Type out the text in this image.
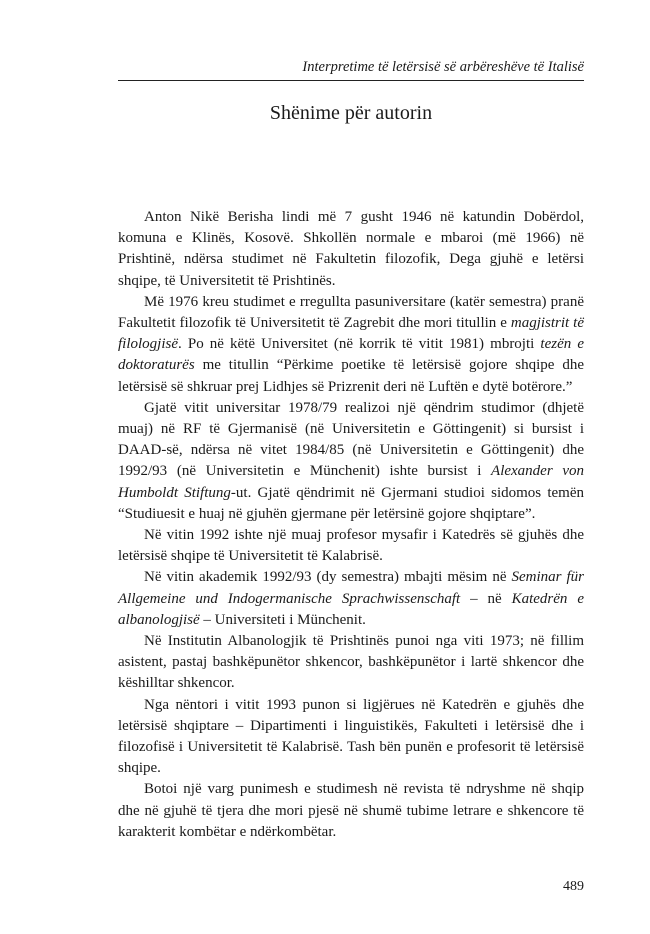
Interpretime të letërsisë së arbëreshëve të Italisë
Shënime për autorin

Anton Nikë Berisha lindi më 7 gusht 1946 në katundin Dobërdol, komuna e Klinës, Kosovë. Shkollën normale e mbaroi (më 1966) në Prishtinë, ndërsa studimet në Fakultetin filozofik, Dega gjuhë e letërsi shqipe, të Universitetit të Prishtinës.

Më 1976 kreu studimet e rregullta pasuniversitare (katër semestra) pranë Fakultetit filozofik të Universitetit të Zagrebit dhe mori titullin e magjistrit të filologjisë. Po në këtë Universitet (në korrik të vitit 1981) mbrojti tezën e doktoraturës me titullin “Përkime poetike të letërsisë gojore shqipe dhe letërsisë së shkruar prej Lidhjes së Prizrenit deri në Luftën e dytë botërore.”

Gjatë vitit universitar 1978/79 realizoi një qëndrim studimor (dhjetë muaj) në RF të Gjermanisë (në Universitetin e Göttingenit) si bursist i DAAD-së, ndërsa në vitet 1984/85 (në Universitetin e Göttingenit) dhe 1992/93 (në Universitetin e Münchenit) ishte bursist i Alexander von Humboldt Stiftung-ut. Gjatë qëndrimit në Gjermani studioi sidomos temën “Studiuesit e huaj në gjuhën gjermane për letërsinë gojore shqiptare”.

Në vitin 1992 ishte një muaj profesor mysafir i Katedrës së gjuhës dhe letërsisë shqipe të Universitetit të Kalabrisë.

Në vitin akademik 1992/93 (dy semestra) mbajti mësim në Seminar für Allgemeine und Indogermanische Sprachwissenschaft – në Katedrën e albanologjisë – Universiteti i Münchenit.

Në Institutin Albanologjik të Prishtinës punoi nga viti 1973; në fillim asistent, pastaj bashkëpunëtor shkencor, bashkëpunëtor i lartë shkencor dhe këshilltar shkencor.

Nga nëntori i vitit 1993 punon si ligjërues në Katedrën e gjuhës dhe letërsisë shqiptare – Dipartimenti i linguistikës, Fakulteti i letërsisë dhe i filozofisë i Universitetit të Kalabrisë. Tash bën punën e profesorit të letërsisë shqipe.

Botoi një varg punimesh e studimesh në revista të ndryshme në shqip dhe në gjuhë të tjera dhe mori pjesë në shumë tubime letrare e shkencore të karakterit kombëtar e ndërkombëtar.

489
